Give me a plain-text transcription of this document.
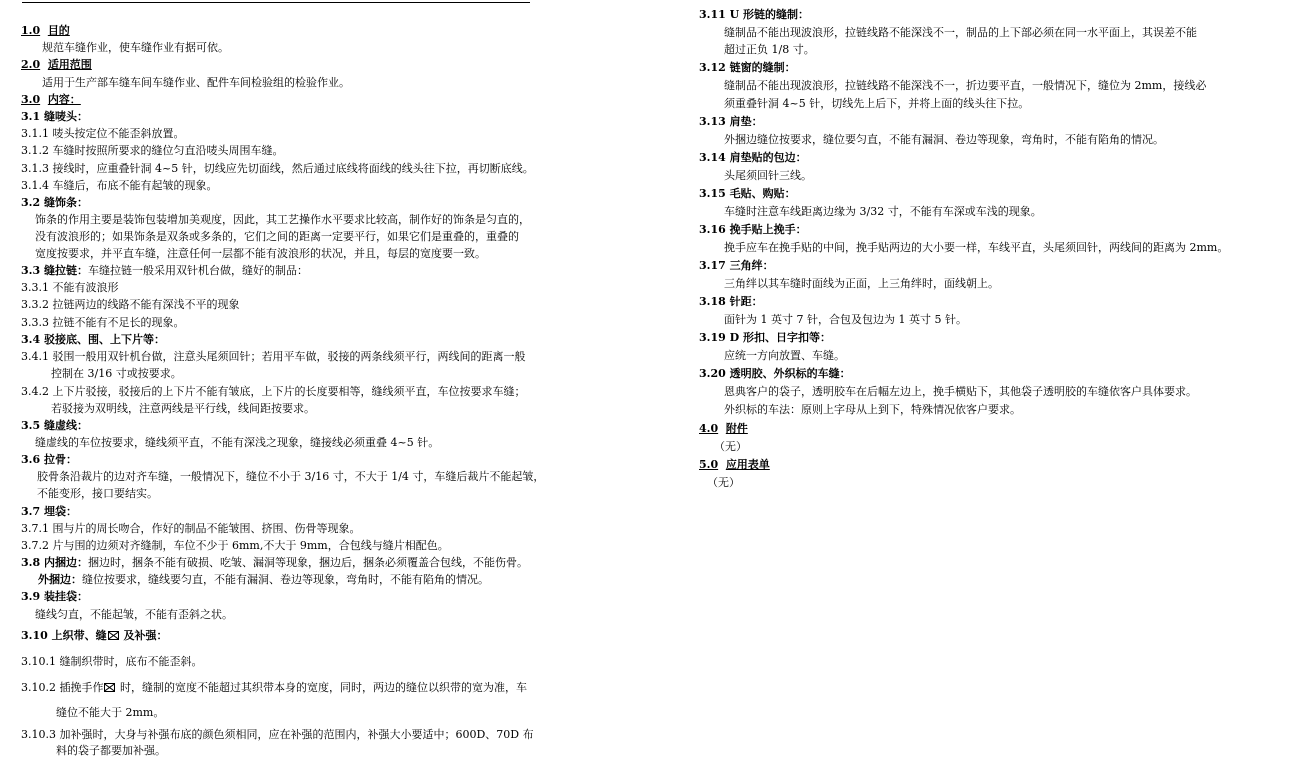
1.0 目的
规范车缝作业，使车缝作业有据可依。
2.0 适用范围
适用于生产部车缝车间车缝作业、配件车间检验组的检验作业。
3.0 内容：
3.1 缝唛头：
3.1.1 唛头按定位不能歪斜放置。
3.1.2 车缝时按照所要求的缝位匀直沿唛头周围车缝。
3.1.3 接线时，应重叠针洞 4~5 针，切线应先切面线，然后通过底线将面线的线头往下拉，再切断底线。
3.1.4 车缝后，布底不能有起皱的现象。
3.2 缝饰条：
饰条的作用主要是装饰包装增加美观度，因此，其工艺操作水平要求比较高，制作好的饰条是匀直的，
没有波浪形的；如果饰条是双条或多条的，它们之间的距离一定要平行，如果它们是重叠的，重叠的
宽度按要求，并平直车缝，注意任何一层都不能有波浪形的状况，并且，每层的宽度要一致。
3.3 缝拉链：车缝拉链一般采用双针机台做，缝好的制品：
3.3.1 不能有波浪形
3.3.2 拉链两边的线路不能有深浅不平的现象
3.3.3 拉链不能有不足长的现象。
3.4 驳接底、围、上下片等：
3.4.1 驳围一般用双针机台做，注意头尾须回针；若用平车做，驳接的两条线须平行，两线间的距离一般
控制在 3/16 寸或按要求。
3.4.2 上下片驳接，驳接后的上下片不能有皱底，上下片的长度要相等，缝线须平直，车位按要求车缝；
若驳接为双明线，注意两线是平行线，线间距按要求。
3.5 缝虚线：
缝虚线的车位按要求，缝线须平直，不能有深浅之现象，缝接线必须重叠 4~5 针。
3.6 拉骨：
胶骨条沿裁片的边对齐车缝，一般情况下，缝位不小于 3/16 寸，不大于 1/4 寸，车缝后裁片不能起皱，
不能变形，接口要结实。
3.7 埋袋：
3.7.1 围与片的周长吻合，作好的制品不能皱围、挤围、伤骨等现象。
3.7.2 片与围的边须对齐缝制，车位不少于 6mm,不大于 9mm，合包线与缝片相配色。
3.8 内捆边：捆边时，捆条不能有破损、吃皱、漏洞等现象，捆边后，捆条必须覆盖合包线，不能伤骨。
外捆边：缝位按要求，缝线要匀直，不能有漏洞、卷边等现象，弯角时，不能有陷角的情况。
3.9 装挂袋：
缝线匀直，不能起皱，不能有歪斜之状。
3.10 上织带、缝 及补强：
3.10.1 缝制织带时，底布不能歪斜。
3.10.2 插挽手作 时，缝制的宽度不能超过其织带本身的宽度，同时，两边的缝位以织带的宽为准，车
缝位不能大于 2mm。
3.10.3 加补强时，大身与补强布底的颜色须相同，应在补强的范围内，补强大小要适中；600D、70D 布
料的袋子都要加补强。
3.11 U 形链的缝制：
缝制品不能出现波浪形，拉链线路不能深浅不一，制品的上下部必须在同一水平面上，其误差不能
超过正负 1/8 寸。
3.12 链窗的缝制：
缝制品不能出现波浪形，拉链线路不能深浅不一，折边要平直，一般情况下，缝位为 2mm，接线必
须重叠针洞 4~5 针，切线先上后下，并将上面的线头往下拉。
3.13 肩垫：
外捆边缝位按要求，缝位要匀直，不能有漏洞、卷边等现象，弯角时，不能有陷角的情况。
3.14 肩垫贴的包边：
头尾须回针三线。
3.15 毛贴、购贴：
车缝时注意车线距离边缘为 3/32 寸，不能有车深或车浅的现象。
3.16 挽手贴上挽手：
挽手应车在挽手贴的中间，挽手贴两边的大小要一样，车线平直，头尾须回针，两线间的距离为 2mm。
3.17 三角绊：
三角绊以其车缝时面线为正面，上三角绊时，面线朝上。
3.18 针距：
面针为 1 英寸 7 针，合包及包边为 1 英寸 5 针。
3.19 D 形扣、日字扣等：
应统一方向放置、车缝。
3.20 透明胶、外织标的车缝：
恩典客户的袋子，透明胶车在后幅左边上，挽手横贴下，其他袋子透明胶的车缝依客户具体要求。
外织标的车法：原则上字母从上到下，特殊情况依客户要求。
4.0 附件
（无）
5.0 应用表单
（无）
